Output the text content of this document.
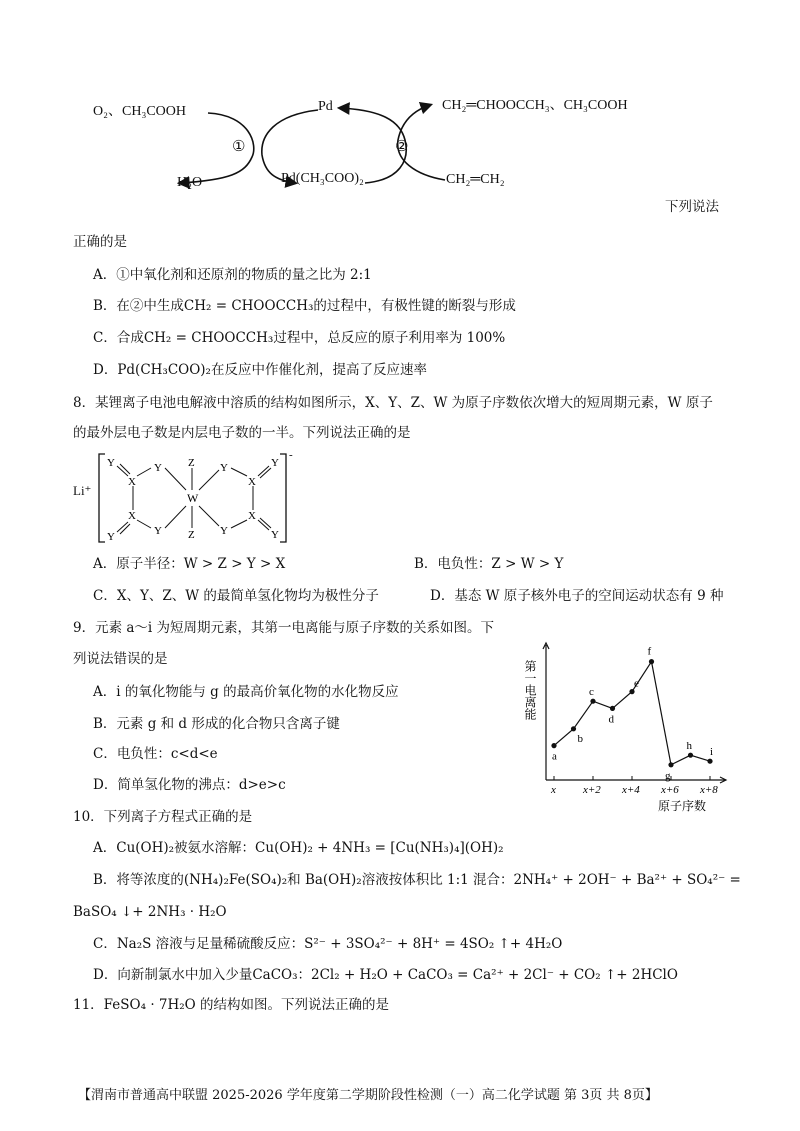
O₂、CH₃COOH	Pd	CH₂═CHOOCCH₃、CH₃COOH
①	②
H₂O	Pd(CH₃COO)₂	CH₂═CH₂
下列说法
正确的是
A．①中氧化剂和还原剂的物质的量之比为 2:1
B．在②中生成CH₂ = CHOOCCH₃的过程中，有极性键的断裂与形成
C．合成CH₂ = CHOOCCH₃过程中，总反应的原子利用率为 100%
D．Pd(CH₃COO)₂在反应中作催化剂，提高了反应速率
8．某锂离子电池电解液中溶质的结构如图所示，X、Y、Z、W 为原子序数依次增大的短周期元素，W 原子
的最外层电子数是内层电子数的一半。下列说法正确的是
Li⁺
Y	Y
X
Y
Z
W
Z
Y
X
Y
Y
X
Y	Y
X
-
A．原子半径：W > Z > Y > X	B．电负性：Z > W > Y
C．X、Y、Z、W 的最简单氢化物均为极性分子	D．基态 W 原子核外电子的空间运动状态有 9 种
9．元素 a～i 为短周期元素，其第一电离能与原子序数的关系如图。下
列说法错误的是
A．i 的氧化物能与 g 的最高价氧化物的水化物反应
B．元素 g 和 d 形成的化合物只含离子键
C．电负性：c<d<e
D．简单氢化物的沸点：d>e>c
a
b
c
d
e
f
g
h i
x x+2 x+4 x+6 x+8
第一电离能
原子序数
10．下列离子方程式正确的是
A．Cu(OH)₂被氨水溶解：Cu(OH)₂ + 4NH₃ = [Cu(NH₃)₄](OH)₂
B．将等浓度的(NH₄)₂Fe(SO₄)₂和 Ba(OH)₂溶液按体积比 1:1 混合：2NH₄⁺ + 2OH⁻ + Ba²⁺ + SO₄²⁻ =
BaSO₄ ↓+ 2NH₃ · H₂O
C．Na₂S 溶液与足量稀硫酸反应：S²⁻ + 3SO₄²⁻ + 8H⁺ = 4SO₂ ↑+ 4H₂O
D．向新制氯水中加入少量CaCO₃：2Cl₂ + H₂O + CaCO₃ = Ca²⁺ + 2Cl⁻ + CO₂ ↑+ 2HClO
11．FeSO₄ · 7H₂O 的结构如图。下列说法正确的是
【渭南市普通高中联盟 2025-2026 学年度第二学期阶段性检测（一）高二化学试题 第 3页 共 8页】
